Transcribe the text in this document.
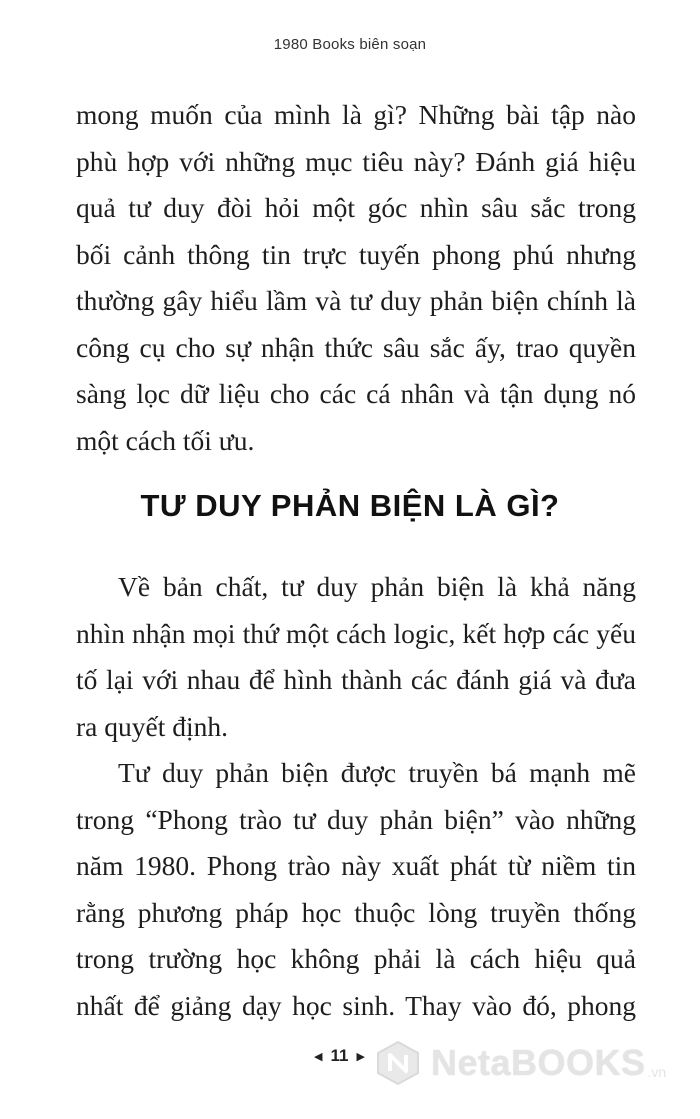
1980 Books biên soạn
mong muốn của mình là gì? Những bài tập nào
phù hợp với những mục tiêu này? Đánh giá hiệu
quả tư duy đòi hỏi một góc nhìn sâu sắc trong
bối cảnh thông tin trực tuyến phong phú nhưng
thường gây hiểu lầm và tư duy phản biện chính là
công cụ cho sự nhận thức sâu sắc ấy, trao quyền
sàng lọc dữ liệu cho các cá nhân và tận dụng nó
một cách tối ưu.
TƯ DUY PHẢN BIỆN LÀ GÌ?
Về bản chất, tư duy phản biện là khả năng
nhìn nhận mọi thứ một cách logic, kết hợp các yếu
tố lại với nhau để hình thành các đánh giá và đưa
ra quyết định.
Tư duy phản biện được truyền bá mạnh mẽ
trong “Phong trào tư duy phản biện” vào những
năm 1980. Phong trào này xuất phát từ niềm tin
rằng phương pháp học thuộc lòng truyền thống
trong trường học không phải là cách hiệu quả
nhất để giảng dạy học sinh. Thay vào đó, phong
◀ 11 ▶ NetaBOOKS .vn
